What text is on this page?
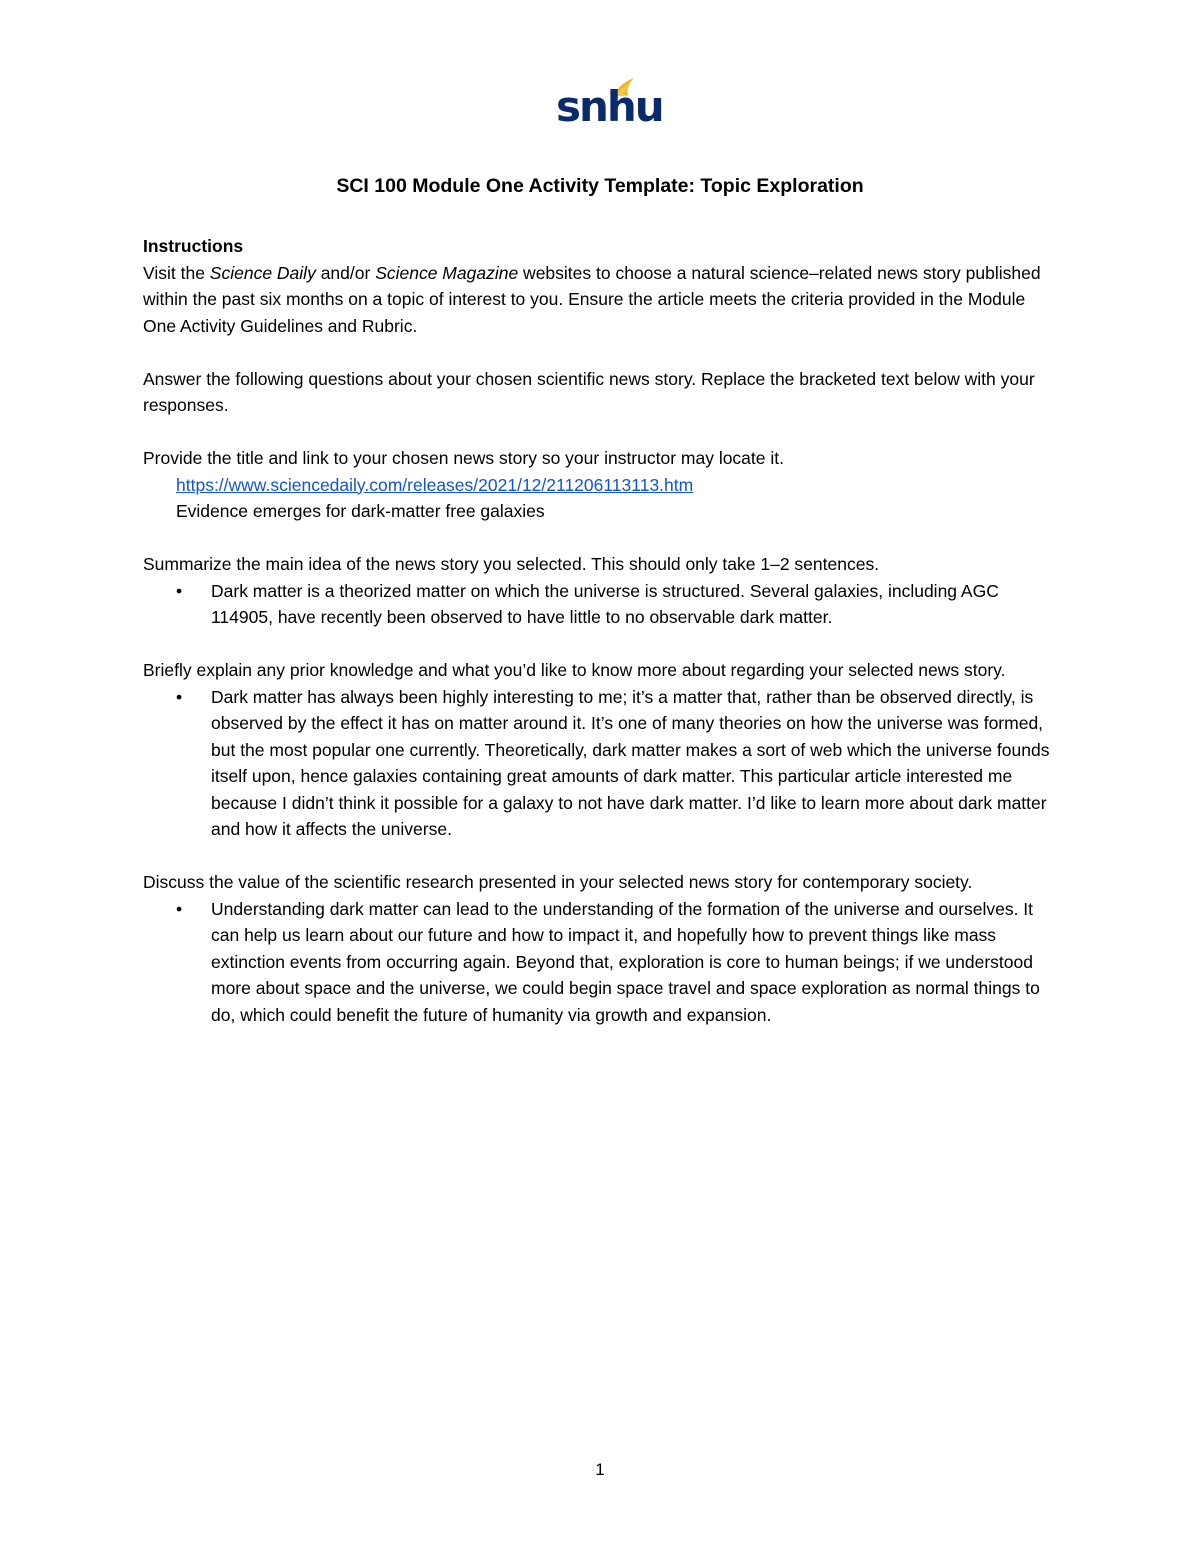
snhu
SCI 100 Module One Activity Template: Topic Exploration

Instructions

Visit the Science Daily and/or Science Magazine websites to choose a natural science–related news story published within the past six months on a topic of interest to you. Ensure the article meets the criteria provided in the Module One Activity Guidelines and Rubric.

Answer the following questions about your chosen scientific news story. Replace the bracketed text below with your responses.

Provide the title and link to your chosen news story so your instructor may locate it.

https://www.sciencedaily.com/releases/2021/12/211206113113.htm

Evidence emerges for dark-matter free galaxies

Summarize the main idea of the news story you selected. This should only take 1–2 sentences.

• Dark matter is a theorized matter on which the universe is structured. Several galaxies, including AGC 114905, have recently been observed to have little to no observable dark matter.

Briefly explain any prior knowledge and what you’d like to know more about regarding your selected news story.

• Dark matter has always been highly interesting to me; it’s a matter that, rather than be observed directly, is observed by the effect it has on matter around it. It’s one of many theories on how the universe was formed, but the most popular one currently. Theoretically, dark matter makes a sort of web which the universe founds itself upon, hence galaxies containing great amounts of dark matter. This particular article interested me because I didn’t think it possible for a galaxy to not have dark matter. I’d like to learn more about dark matter and how it affects the universe.

Discuss the value of the scientific research presented in your selected news story for contemporary society.

• Understanding dark matter can lead to the understanding of the formation of the universe and ourselves. It can help us learn about our future and how to impact it, and hopefully how to prevent things like mass extinction events from occurring again. Beyond that, exploration is core to human beings; if we understood more about space and the universe, we could begin space travel and space exploration as normal things to do, which could benefit the future of humanity via growth and expansion.
1
